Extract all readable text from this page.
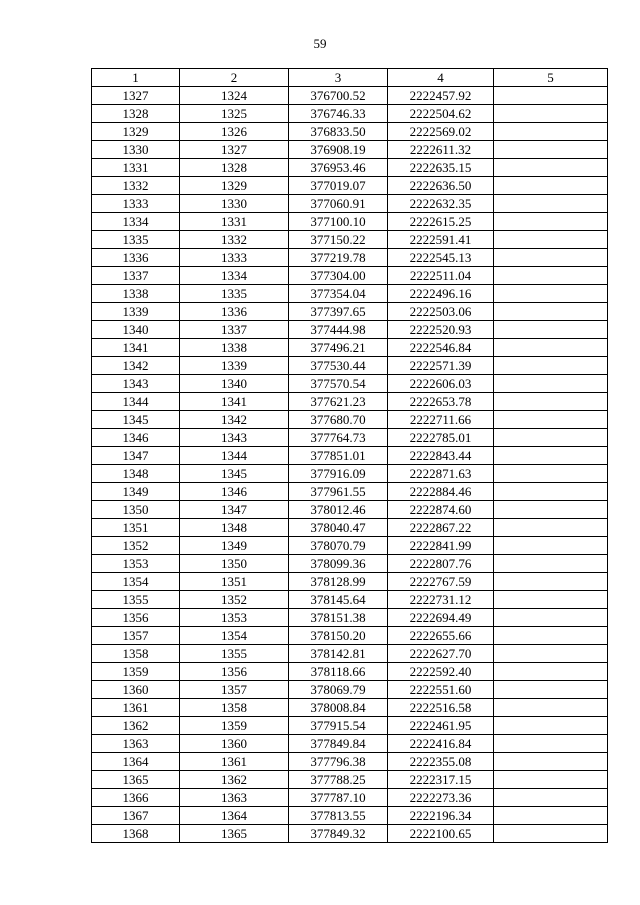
59
1	2	3	4	5
1327	1324	376700.52	2222457.92	
1328	1325	376746.33	2222504.62	
1329	1326	376833.50	2222569.02	
1330	1327	376908.19	2222611.32	
1331	1328	376953.46	2222635.15	
1332	1329	377019.07	2222636.50	
1333	1330	377060.91	2222632.35	
1334	1331	377100.10	2222615.25	
1335	1332	377150.22	2222591.41	
1336	1333	377219.78	2222545.13	
1337	1334	377304.00	2222511.04	
1338	1335	377354.04	2222496.16	
1339	1336	377397.65	2222503.06	
1340	1337	377444.98	2222520.93	
1341	1338	377496.21	2222546.84	
1342	1339	377530.44	2222571.39	
1343	1340	377570.54	2222606.03	
1344	1341	377621.23	2222653.78	
1345	1342	377680.70	2222711.66	
1346	1343	377764.73	2222785.01	
1347	1344	377851.01	2222843.44	
1348	1345	377916.09	2222871.63	
1349	1346	377961.55	2222884.46	
1350	1347	378012.46	2222874.60	
1351	1348	378040.47	2222867.22	
1352	1349	378070.79	2222841.99	
1353	1350	378099.36	2222807.76	
1354	1351	378128.99	2222767.59	
1355	1352	378145.64	2222731.12	
1356	1353	378151.38	2222694.49	
1357	1354	378150.20	2222655.66	
1358	1355	378142.81	2222627.70	
1359	1356	378118.66	2222592.40	
1360	1357	378069.79	2222551.60	
1361	1358	378008.84	2222516.58	
1362	1359	377915.54	2222461.95	
1363	1360	377849.84	2222416.84	
1364	1361	377796.38	2222355.08	
1365	1362	377788.25	2222317.15	
1366	1363	377787.10	2222273.36	
1367	1364	377813.55	2222196.34	
1368	1365	377849.32	2222100.65	
